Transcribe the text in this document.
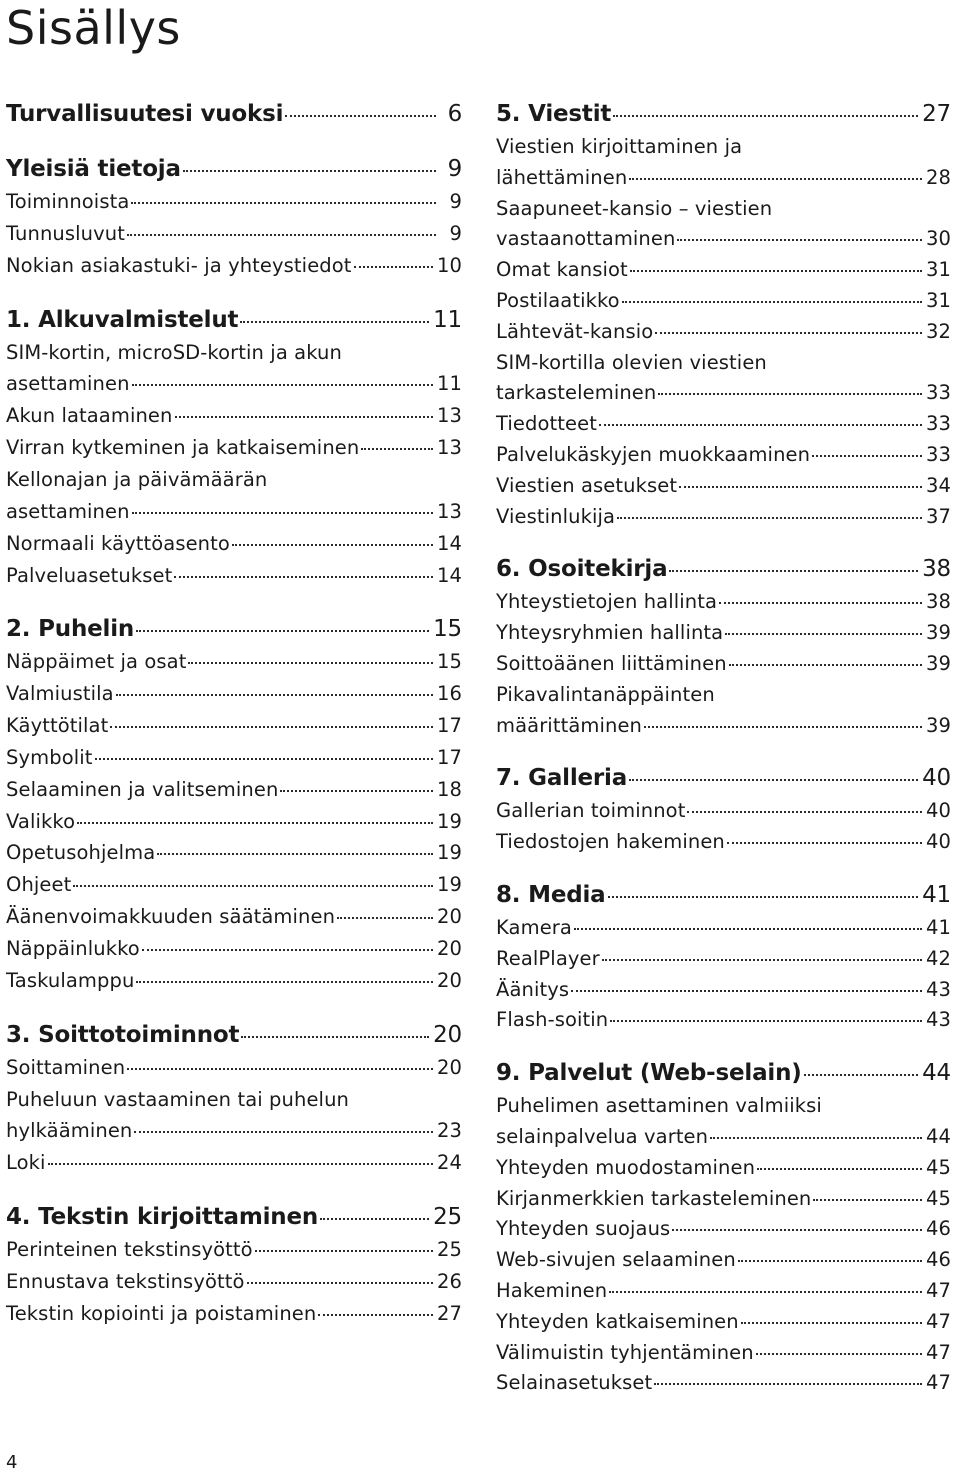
Sisällys
Turvallisuutesi vuoksi	6
Yleisiä tietoja	9
Toiminnoista	9
Tunnusluvut	9
Nokian asiakastuki- ja yhteystiedot	10
1. Alkuvalmistelut	11
SIM-kortin, microSD-kortin ja akun
asettaminen	11
Akun lataaminen	13
Virran kytkeminen ja katkaiseminen	13
Kellonajan ja päivämäärän
asettaminen	13
Normaali käyttöasento	14
Palveluasetukset	14
2. Puhelin	15
Näppäimet ja osat	15
Valmiustila	16
Käyttötilat	17
Symbolit	17
Selaaminen ja valitseminen	18
Valikko	19
Opetusohjelma	19
Ohjeet	19
Äänenvoimakkuuden säätäminen	20
Näppäinlukko	20
Taskulamppu	20
3. Soittotoiminnot	20
Soittaminen	20
Puheluun vastaaminen tai puhelun
hylkääminen	23
Loki	24
4. Tekstin kirjoittaminen	25
Perinteinen tekstinsyöttö	25
Ennustava tekstinsyöttö	26
Tekstin kopiointi ja poistaminen	27
5. Viestit	27
Viestien kirjoittaminen ja
lähettäminen	28
Saapuneet-kansio – viestien
vastaanottaminen	30
Omat kansiot	31
Postilaatikko	31
Lähtevät-kansio	32
SIM-kortilla olevien viestien
tarkasteleminen	33
Tiedotteet	33
Palvelukäskyjen muokkaaminen	33
Viestien asetukset	34
Viestinlukija	37
6. Osoitekirja	38
Yhteystietojen hallinta	38
Yhteysryhmien hallinta	39
Soittoäänen liittäminen	39
Pikavalintanäppäinten
määrittäminen	39
7. Galleria	40
Gallerian toiminnot	40
Tiedostojen hakeminen	40
8. Media	41
Kamera	41
RealPlayer	42
Äänitys	43
Flash-soitin	43
9. Palvelut (Web-selain)	44
Puhelimen asettaminen valmiiksi
selainpalvelua varten	44
Yhteyden muodostaminen	45
Kirjanmerkkien tarkasteleminen	45
Yhteyden suojaus	46
Web-sivujen selaaminen	46
Hakeminen	47
Yhteyden katkaiseminen	47
Välimuistin tyhjentäminen	47
Selainasetukset	47
4
